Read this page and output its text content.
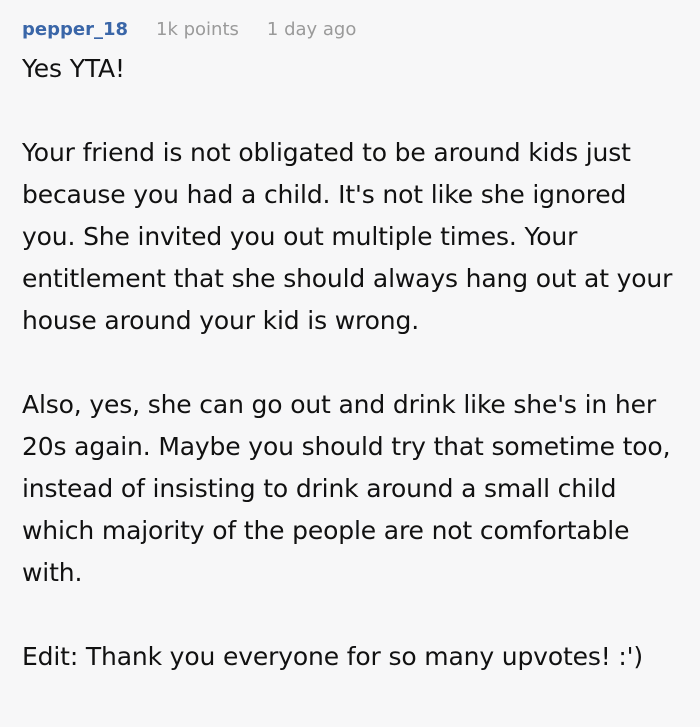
pepper_18 1k points 1 day ago

Yes YTA!

Your friend is not obligated to be around kids just because you had a child. It's not like she ignored you. She invited you out multiple times. Your entitlement that she should always hang out at your house around your kid is wrong.

Also, yes, she can go out and drink like she's in her 20s again. Maybe you should try that sometime too, instead of insisting to drink around a small child which majority of the people are not comfortable with.

Edit: Thank you everyone for so many upvotes! :')
